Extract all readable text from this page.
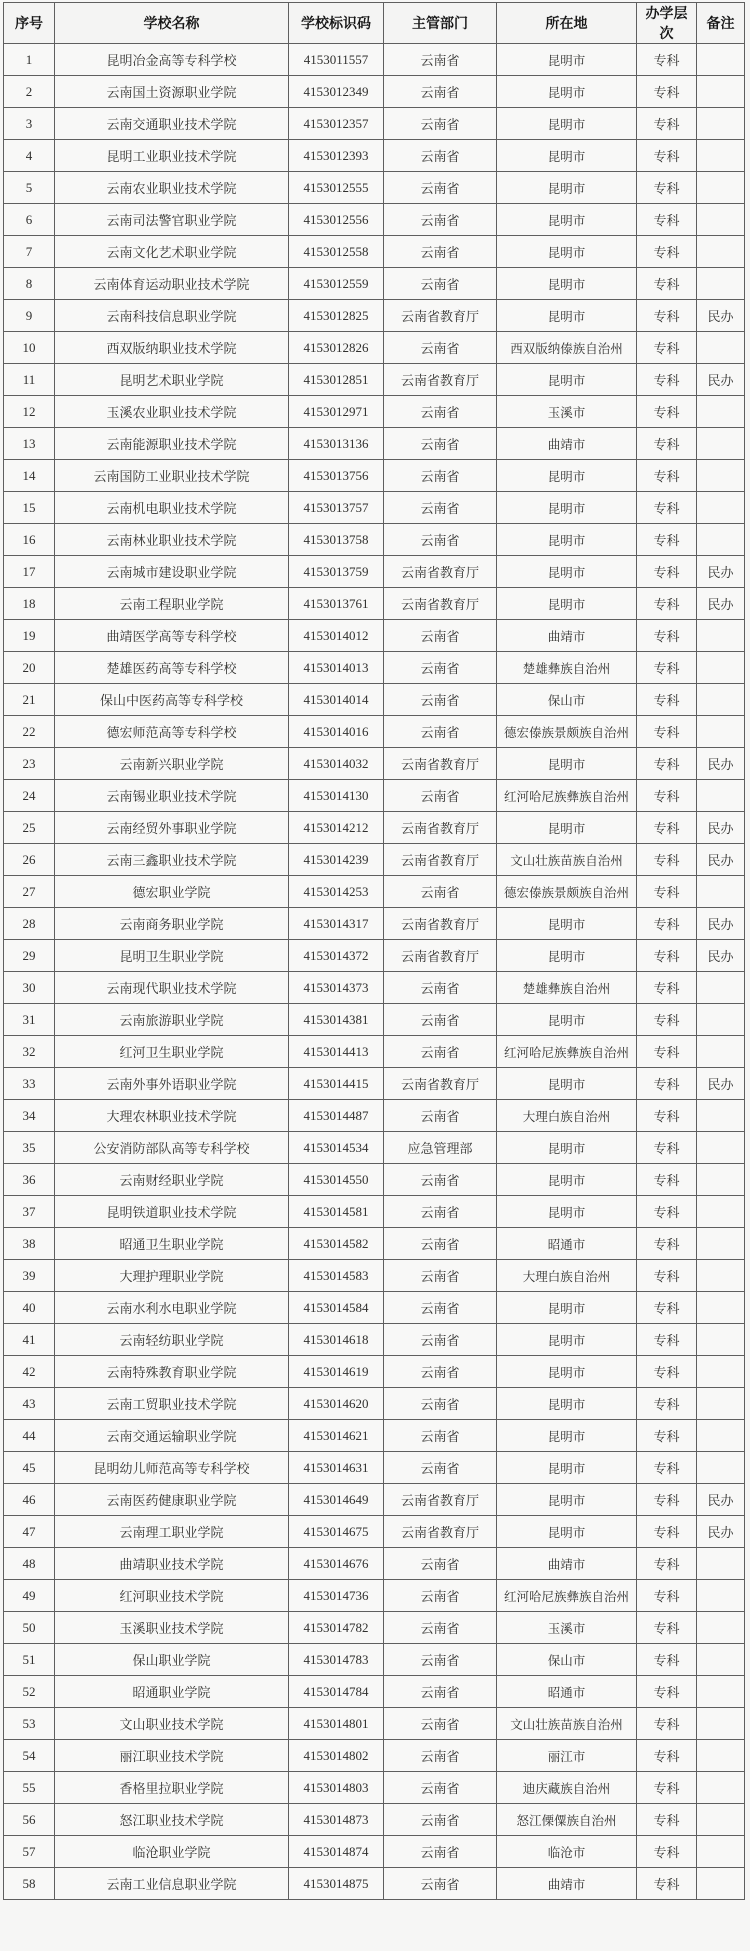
序号	学校名称	学校标识码	主管部门	所在地	办学层次	备注
1	昆明冶金高等专科学校	4153011557	云南省	昆明市	专科	
2	云南国土资源职业学院	4153012349	云南省	昆明市	专科	
3	云南交通职业技术学院	4153012357	云南省	昆明市	专科	
4	昆明工业职业技术学院	4153012393	云南省	昆明市	专科	
5	云南农业职业技术学院	4153012555	云南省	昆明市	专科	
6	云南司法警官职业学院	4153012556	云南省	昆明市	专科	
7	云南文化艺术职业学院	4153012558	云南省	昆明市	专科	
8	云南体育运动职业技术学院	4153012559	云南省	昆明市	专科	
9	云南科技信息职业学院	4153012825	云南省教育厅	昆明市	专科	民办
10	西双版纳职业技术学院	4153012826	云南省	西双版纳傣族自治州	专科	
11	昆明艺术职业学院	4153012851	云南省教育厅	昆明市	专科	民办
12	玉溪农业职业技术学院	4153012971	云南省	玉溪市	专科	
13	云南能源职业技术学院	4153013136	云南省	曲靖市	专科	
14	云南国防工业职业技术学院	4153013756	云南省	昆明市	专科	
15	云南机电职业技术学院	4153013757	云南省	昆明市	专科	
16	云南林业职业技术学院	4153013758	云南省	昆明市	专科	
17	云南城市建设职业学院	4153013759	云南省教育厅	昆明市	专科	民办
18	云南工程职业学院	4153013761	云南省教育厅	昆明市	专科	民办
19	曲靖医学高等专科学校	4153014012	云南省	曲靖市	专科	
20	楚雄医药高等专科学校	4153014013	云南省	楚雄彝族自治州	专科	
21	保山中医药高等专科学校	4153014014	云南省	保山市	专科	
22	德宏师范高等专科学校	4153014016	云南省	德宏傣族景颇族自治州	专科	
23	云南新兴职业学院	4153014032	云南省教育厅	昆明市	专科	民办
24	云南锡业职业技术学院	4153014130	云南省	红河哈尼族彝族自治州	专科	
25	云南经贸外事职业学院	4153014212	云南省教育厅	昆明市	专科	民办
26	云南三鑫职业技术学院	4153014239	云南省教育厅	文山壮族苗族自治州	专科	民办
27	德宏职业学院	4153014253	云南省	德宏傣族景颇族自治州	专科	
28	云南商务职业学院	4153014317	云南省教育厅	昆明市	专科	民办
29	昆明卫生职业学院	4153014372	云南省教育厅	昆明市	专科	民办
30	云南现代职业技术学院	4153014373	云南省	楚雄彝族自治州	专科	
31	云南旅游职业学院	4153014381	云南省	昆明市	专科	
32	红河卫生职业学院	4153014413	云南省	红河哈尼族彝族自治州	专科	
33	云南外事外语职业学院	4153014415	云南省教育厅	昆明市	专科	民办
34	大理农林职业技术学院	4153014487	云南省	大理白族自治州	专科	
35	公安消防部队高等专科学校	4153014534	应急管理部	昆明市	专科	
36	云南财经职业学院	4153014550	云南省	昆明市	专科	
37	昆明铁道职业技术学院	4153014581	云南省	昆明市	专科	
38	昭通卫生职业学院	4153014582	云南省	昭通市	专科	
39	大理护理职业学院	4153014583	云南省	大理白族自治州	专科	
40	云南水利水电职业学院	4153014584	云南省	昆明市	专科	
41	云南轻纺职业学院	4153014618	云南省	昆明市	专科	
42	云南特殊教育职业学院	4153014619	云南省	昆明市	专科	
43	云南工贸职业技术学院	4153014620	云南省	昆明市	专科	
44	云南交通运输职业学院	4153014621	云南省	昆明市	专科	
45	昆明幼儿师范高等专科学校	4153014631	云南省	昆明市	专科	
46	云南医药健康职业学院	4153014649	云南省教育厅	昆明市	专科	民办
47	云南理工职业学院	4153014675	云南省教育厅	昆明市	专科	民办
48	曲靖职业技术学院	4153014676	云南省	曲靖市	专科	
49	红河职业技术学院	4153014736	云南省	红河哈尼族彝族自治州	专科	
50	玉溪职业技术学院	4153014782	云南省	玉溪市	专科	
51	保山职业学院	4153014783	云南省	保山市	专科	
52	昭通职业学院	4153014784	云南省	昭通市	专科	
53	文山职业技术学院	4153014801	云南省	文山壮族苗族自治州	专科	
54	丽江职业技术学院	4153014802	云南省	丽江市	专科	
55	香格里拉职业学院	4153014803	云南省	迪庆藏族自治州	专科	
56	怒江职业技术学院	4153014873	云南省	怒江傈僳族自治州	专科	
57	临沧职业学院	4153014874	云南省	临沧市	专科	
58	云南工业信息职业学院	4153014875	云南省	曲靖市	专科	
